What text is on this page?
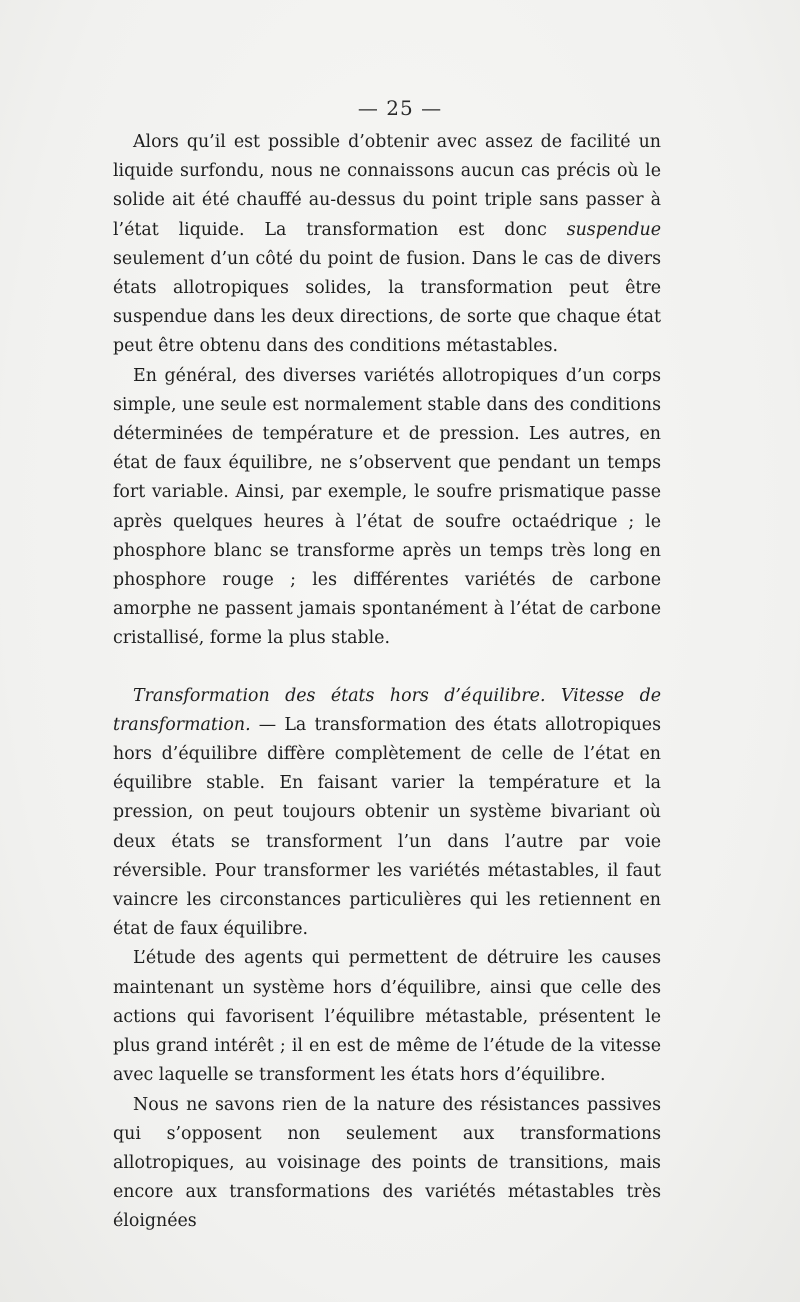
— 25 —

Alors qu’il est possible d’obtenir avec assez de facilité un liquide surfondu, nous ne connaissons aucun cas précis où le solide ait été chauffé au-dessus du point triple sans passer à l’état liquide. La transformation est donc suspendue seulement d’un côté du point de fusion. Dans le cas de divers états allotropiques solides, la transformation peut être suspendue dans les deux directions, de sorte que chaque état peut être obtenu dans des conditions métastables.

En général, des diverses variétés allotropiques d’un corps simple, une seule est normalement stable dans des conditions déterminées de température et de pression. Les autres, en état de faux équilibre, ne s’observent que pendant un temps fort variable. Ainsi, par exemple, le soufre prismatique passe après quelques heures à l’état de soufre octaédrique ; le phosphore blanc se transforme après un temps très long en phosphore rouge ; les différentes variétés de carbone amorphe ne passent jamais spontanément à l’état de carbone cristallisé, forme la plus stable.

Transformation des états hors d’équilibre. Vitesse de transformation. — La transformation des états allotropiques hors d’équilibre diffère complètement de celle de l’état en équilibre stable. En faisant varier la température et la pression, on peut toujours obtenir un système bivariant où deux états se transforment l’un dans l’autre par voie réversible. Pour transformer les variétés métastables, il faut vaincre les circonstances particulières qui les retiennent en état de faux équilibre.

L’étude des agents qui permettent de détruire les causes maintenant un système hors d’équilibre, ainsi que celle des actions qui favorisent l’équilibre métastable, présentent le plus grand intérêt ; il en est de même de l’étude de la vitesse avec laquelle se transforment les états hors d’équilibre.

Nous ne savons rien de la nature des résistances passives qui s’opposent non seulement aux transformations allotropiques, au voisinage des points de transitions, mais encore aux transformations des variétés métastables très éloignées
